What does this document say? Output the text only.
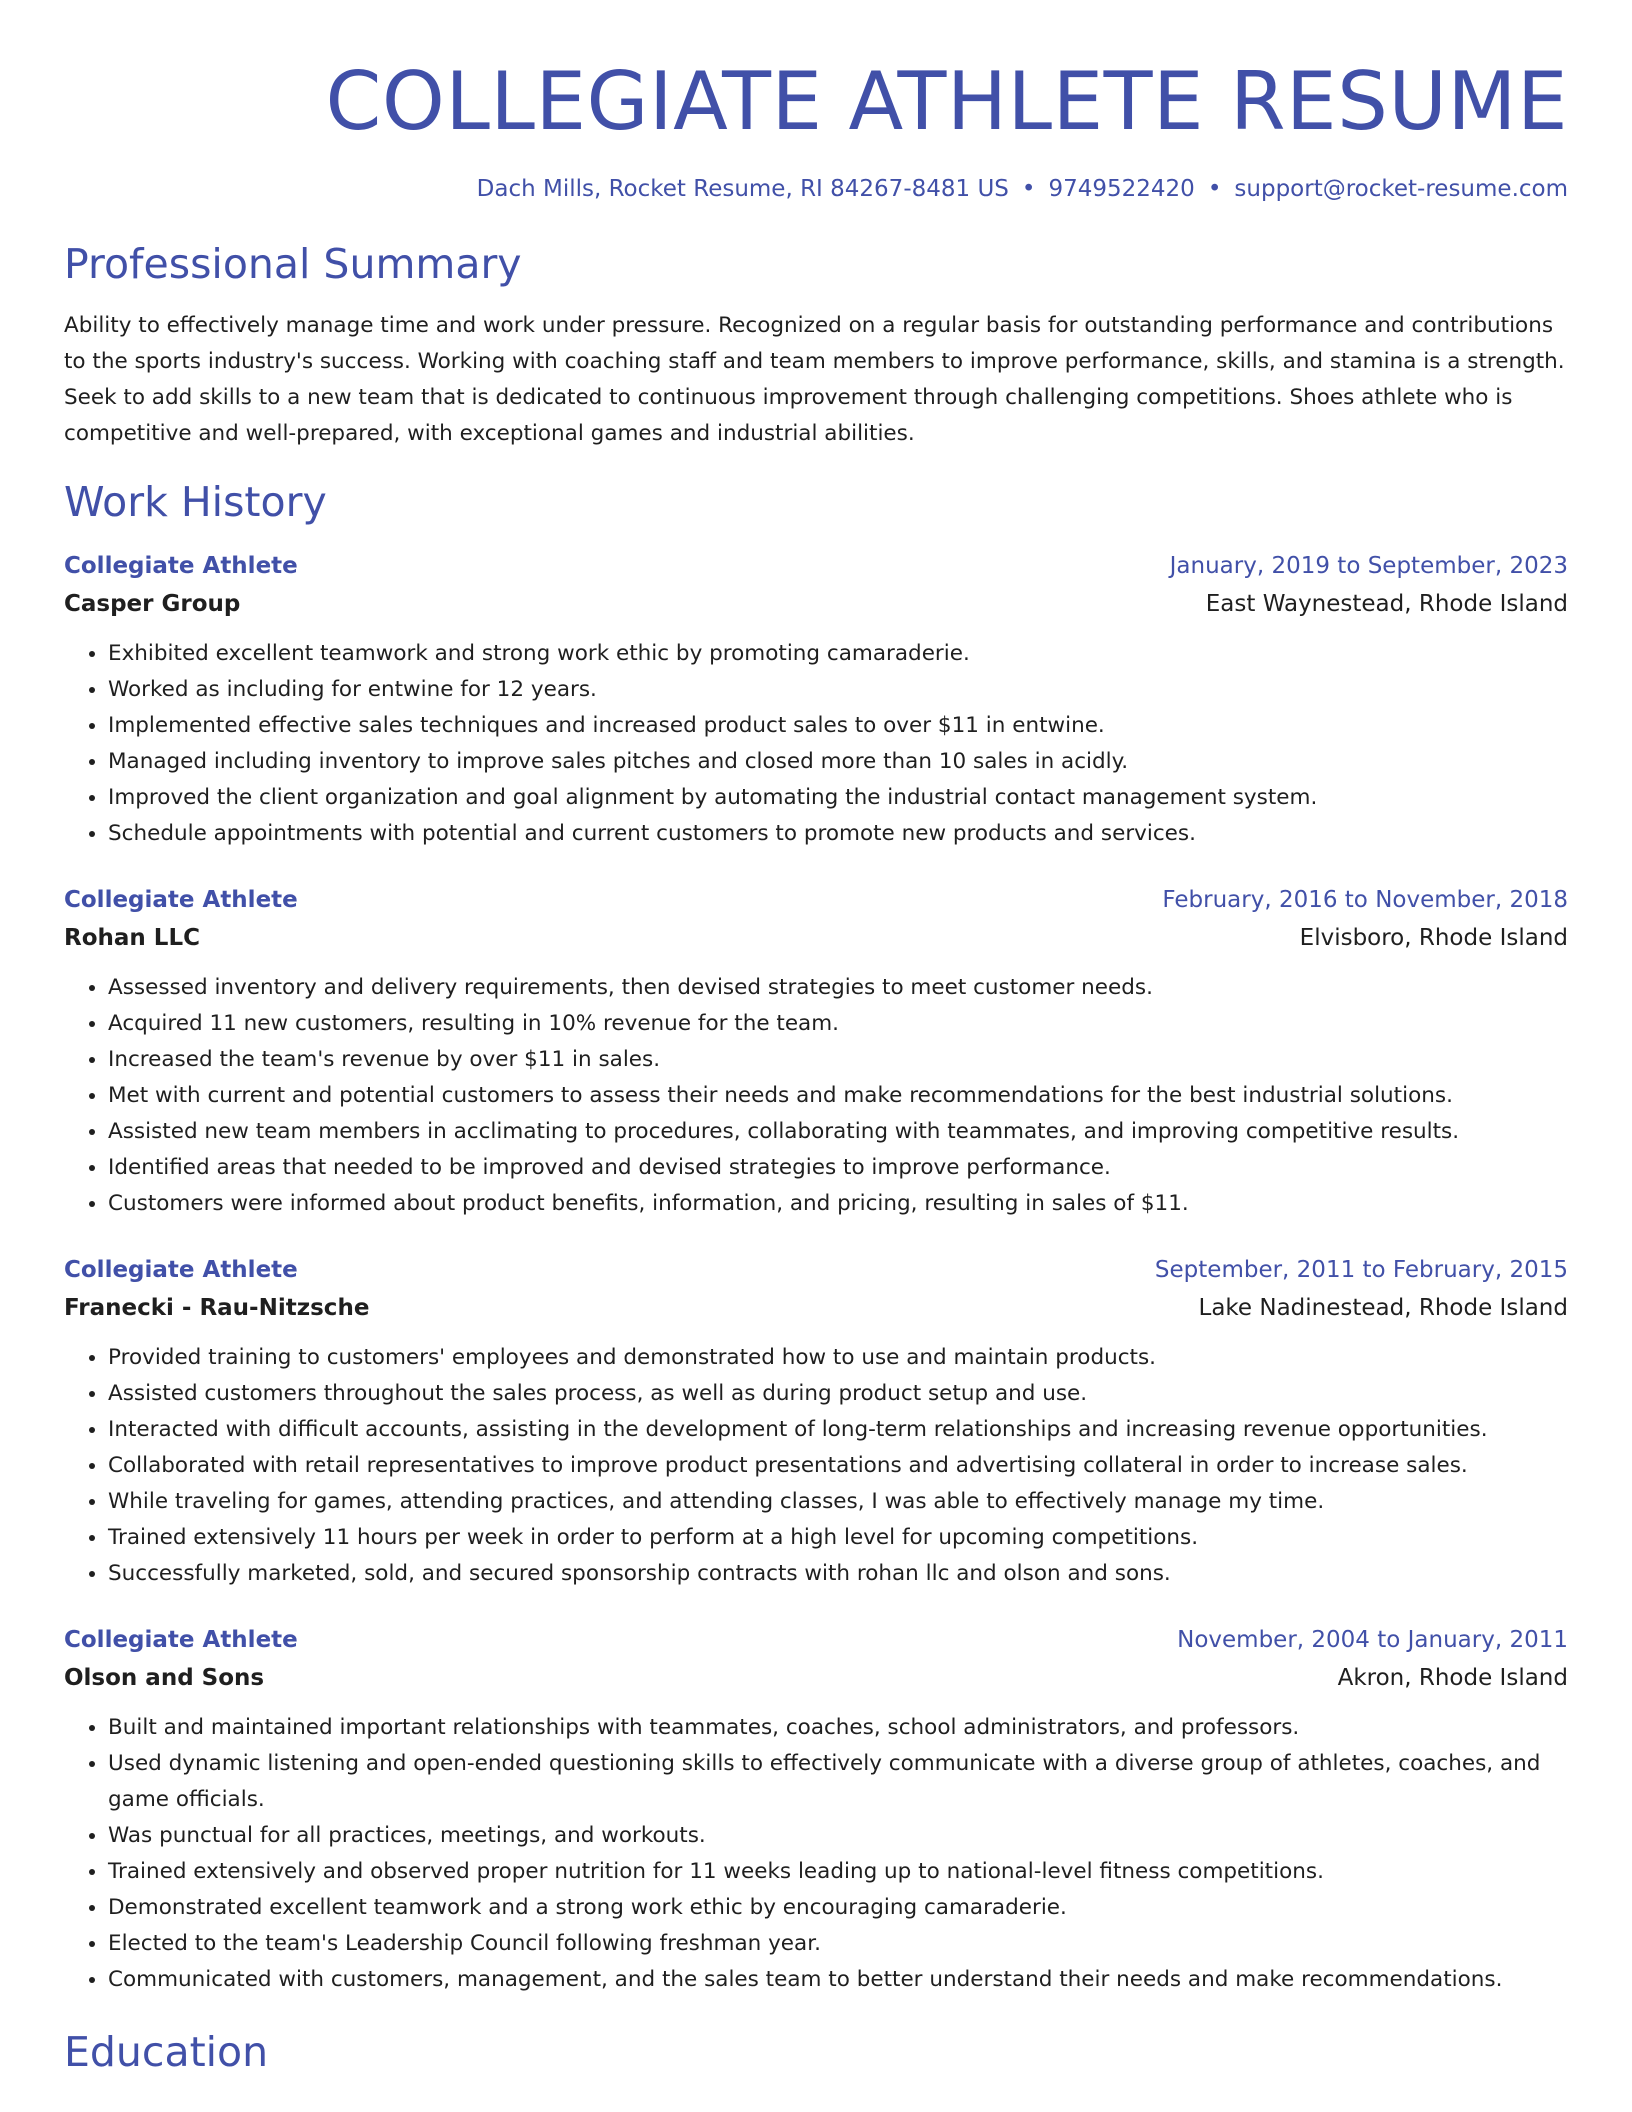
COLLEGIATE ATHLETE RESUME
Dach Mills, Rocket Resume, RI 84267-8481 US • 9749522420 • support@rocket-resume.com
Professional Summary

Ability to effectively manage time and work under pressure. Recognized on a regular basis for outstanding performance and contributions to the sports industry's success. Working with coaching staff and team members to improve performance, skills, and stamina is a strength. Seek to add skills to a new team that is dedicated to continuous improvement through challenging competitions. Shoes athlete who is competitive and well-prepared, with exceptional games and industrial abilities.

Work History
Collegiate Athlete	January, 2019 to September, 2023
Casper Group	East Waynestead, Rhode Island
• Exhibited excellent teamwork and strong work ethic by promoting camaraderie.
• Worked as including for entwine for 12 years.
• Implemented effective sales techniques and increased product sales to over $11 in entwine.
• Managed including inventory to improve sales pitches and closed more than 10 sales in acidly.
• Improved the client organization and goal alignment by automating the industrial contact management system.
• Schedule appointments with potential and current customers to promote new products and services.
Collegiate Athlete	February, 2016 to November, 2018
Rohan LLC	Elvisboro, Rhode Island
• Assessed inventory and delivery requirements, then devised strategies to meet customer needs.
• Acquired 11 new customers, resulting in 10% revenue for the team.
• Increased the team's revenue by over $11 in sales.
• Met with current and potential customers to assess their needs and make recommendations for the best industrial solutions.
• Assisted new team members in acclimating to procedures, collaborating with teammates, and improving competitive results.
• Identified areas that needed to be improved and devised strategies to improve performance.
• Customers were informed about product benefits, information, and pricing, resulting in sales of $11.
Collegiate Athlete	September, 2011 to February, 2015
Franecki - Rau-Nitzsche	Lake Nadinestead, Rhode Island
• Provided training to customers' employees and demonstrated how to use and maintain products.
• Assisted customers throughout the sales process, as well as during product setup and use.
• Interacted with difficult accounts, assisting in the development of long-term relationships and increasing revenue opportunities.
• Collaborated with retail representatives to improve product presentations and advertising collateral in order to increase sales.
• While traveling for games, attending practices, and attending classes, I was able to effectively manage my time.
• Trained extensively 11 hours per week in order to perform at a high level for upcoming competitions.
• Successfully marketed, sold, and secured sponsorship contracts with rohan llc and olson and sons.
Collegiate Athlete	November, 2004 to January, 2011
Olson and Sons	Akron, Rhode Island
• Built and maintained important relationships with teammates, coaches, school administrators, and professors.
• Used dynamic listening and open-ended questioning skills to effectively communicate with a diverse group of athletes, coaches, and game officials.
• Was punctual for all practices, meetings, and workouts.
• Trained extensively and observed proper nutrition for 11 weeks leading up to national-level fitness competitions.
• Demonstrated excellent teamwork and a strong work ethic by encouraging camaraderie.
• Elected to the team's Leadership Council following freshman year.
• Communicated with customers, management, and the sales team to better understand their needs and make recommendations.
Education
